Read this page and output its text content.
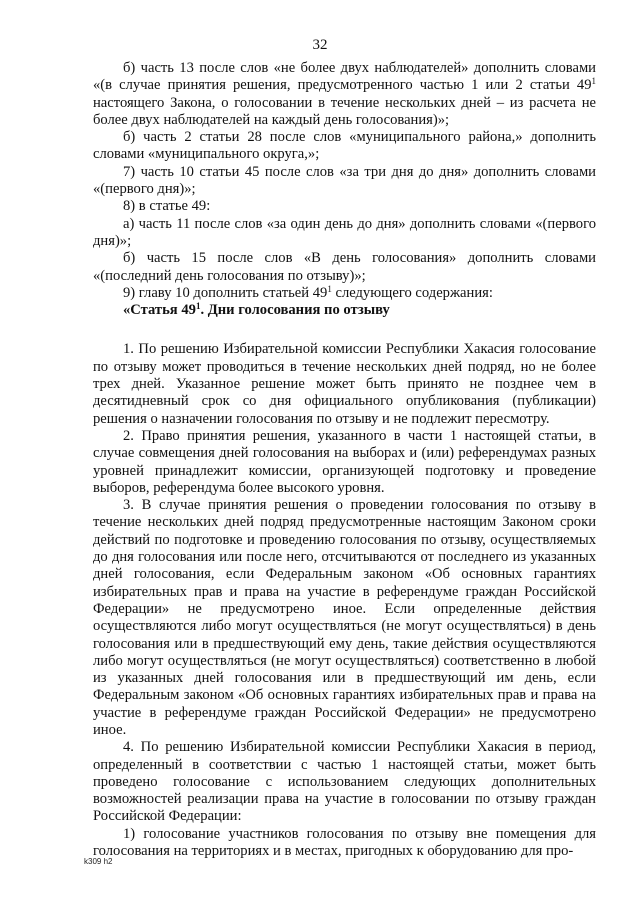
32

б) часть 13 после слов «не более двух наблюдателей» дополнить словами «(в случае принятия решения, предусмотренного частью 1 или 2 статьи $49^1$ настоящего Закона, о голосовании в течение нескольких дней – из расчета не более двух наблюдателей на каждый день голосования)»;

б) часть 2 статьи 28 после слов «муниципального района,» дополнить словами «муниципального округа,»;

7) часть 10 статьи 45 после слов «за три дня до дня» дополнить словами «(первого дня)»;

8) в статье 49:

а) часть 11 после слов «за один день до дня» дополнить словами «(первого дня)»;

б) часть 15 после слов «В день голосования» дополнить словами «(последний день голосования по отзыву)»;

9) главу 10 дополнить статьей $49^1$ следующего содержания:

«Статья $49^1$. Дни голосования по отзыву

1. По решению Избирательной комиссии Республики Хакасия голосование по отзыву может проводиться в течение нескольких дней подряд, но не более трех дней. Указанное решение может быть принято не позднее чем в десятидневный срок со дня официального опубликования (публикации) решения о назначении голосования по отзыву и не подлежит пересмотру.

2. Право принятия решения, указанного в части 1 настоящей статьи, в случае совмещения дней голосования на выборах и (или) референдумах разных уровней принадлежит комиссии, организующей подготовку и проведение выборов, референдума более высокого уровня.

3. В случае принятия решения о проведении голосования по отзыву в течение нескольких дней подряд предусмотренные настоящим Законом сроки действий по подготовке и проведению голосования по отзыву, осуществляемых до дня голосования или после него, отсчитываются от последнего из указанных дней голосования, если Федеральным законом «Об основных гарантиях избирательных прав и права на участие в референдуме граждан Российской Федерации» не предусмотрено иное. Если определенные действия осуществляются либо могут осуществляться (не могут осуществляться) в день голосования или в предшествующий ему день, такие действия осуществляются либо могут осуществляться (не могут осуществляться) соответственно в любой из указанных дней голосования или в предшествующий им день, если Федеральным законом «Об основных гарантиях избирательных прав и права на участие в референдуме граждан Российской Федерации» не предусмотрено иное.

4. По решению Избирательной комиссии Республики Хакасия в период, определенный в соответствии с частью 1 настоящей статьи, может быть проведено голосование с использованием следующих дополнительных возможностей реализации права на участие в голосовании по отзыву граждан Российской Федерации:

1) голосование участников голосования по отзыву вне помещения для голосования на территориях и в местах, пригодных к оборудованию для про-

k309 h2
